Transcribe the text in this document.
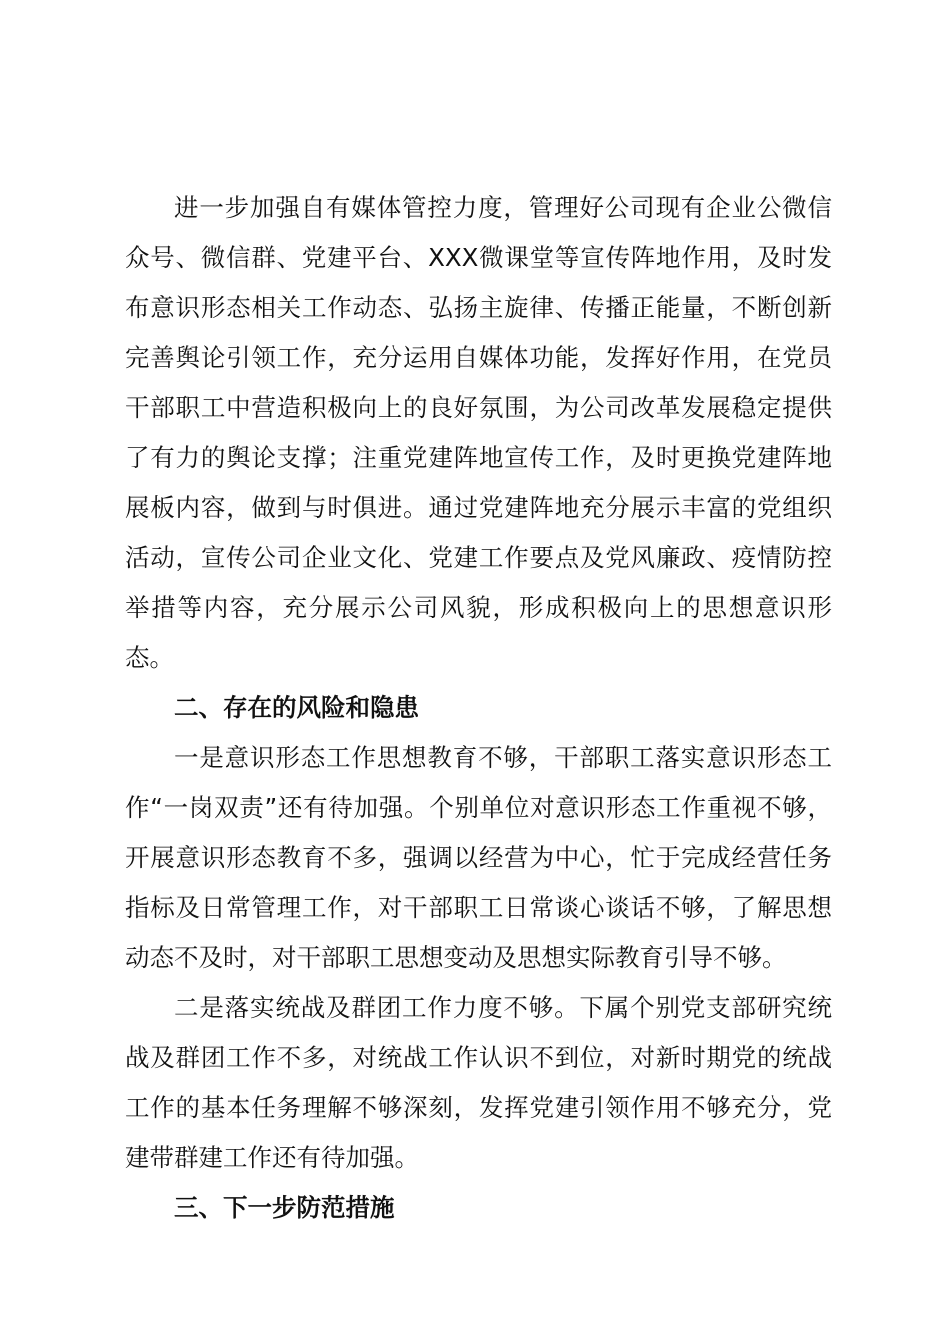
进一步加强自有媒体管控力度，管理好公司现有企业公微信众号、微信群、党建平台、XXX微课堂等宣传阵地作用，及时发布意识形态相关工作动态、弘扬主旋律、传播正能量，不断创新完善舆论引领工作，充分运用自媒体功能，发挥好作用，在党员干部职工中营造积极向上的良好氛围，为公司改革发展稳定提供了有力的舆论支撑；注重党建阵地宣传工作，及时更换党建阵地展板内容，做到与时俱进。通过党建阵地充分展示丰富的党组织活动，宣传公司企业文化、党建工作要点及党风廉政、疫情防控举措等内容，充分展示公司风貌，形成积极向上的思想意识形态。

二、存在的风险和隐患

一是意识形态工作思想教育不够，干部职工落实意识形态工作“一岗双责”还有待加强。个别单位对意识形态工作重视不够，开展意识形态教育不多，强调以经营为中心，忙于完成经营任务指标及日常管理工作，对干部职工日常谈心谈话不够，了解思想动态不及时，对干部职工思想变动及思想实际教育引导不够。

二是落实统战及群团工作力度不够。下属个别党支部研究统战及群团工作不多，对统战工作认识不到位，对新时期党的统战工作的基本任务理解不够深刻，发挥党建引领作用不够充分，党建带群建工作还有待加强。

三、下一步防范措施
